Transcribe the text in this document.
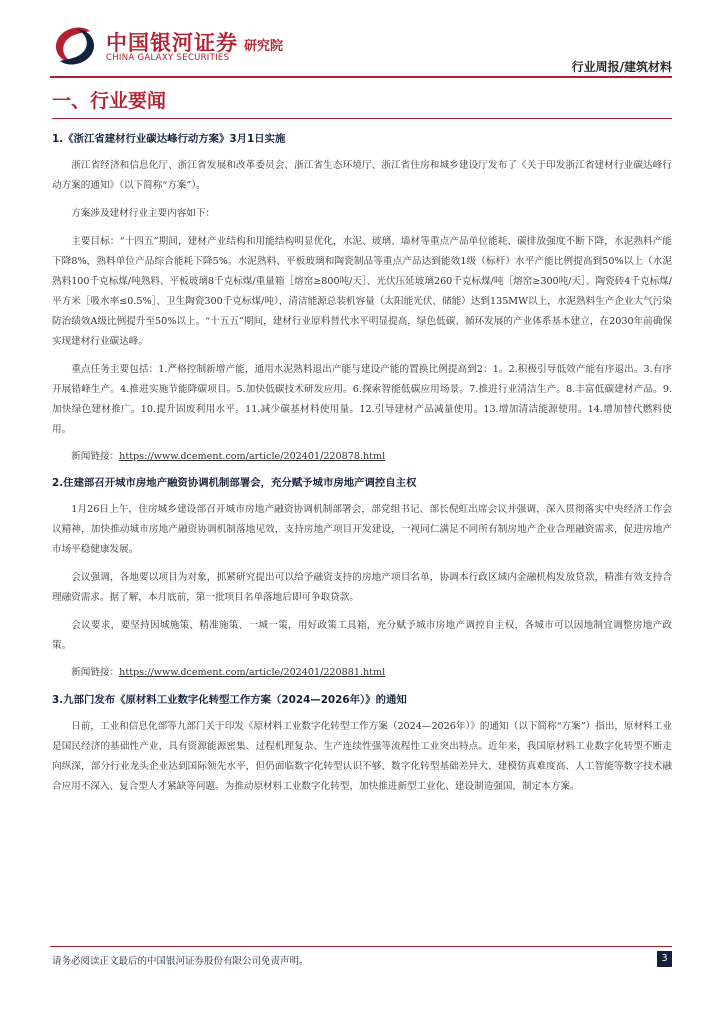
中国银河证券
CHINA GALAXY SECURITIES
研究院
行业周报/建筑材料
一、行业要闻
1.《浙江省建材行业碳达峰行动方案》3月1日实施

浙江省经济和信息化厅、浙江省发展和改革委员会、浙江省生态环境厅、浙江省住房和城乡建设厅发布了《关于印发浙江省建材行业碳达峰行动方案的通知》（以下简称“方案”）。

方案涉及建材行业主要内容如下：

主要目标：“十四五”期间，建材产业结构和用能结构明显优化，水泥、玻璃、墙材等重点产品单位能耗、碳排放强度不断下降，水泥熟料产能下降8%，熟料单位产品综合能耗下降5%。水泥熟料、平板玻璃和陶瓷制品等重点产品达到能效1级（标杆）水平产能比例提高到50%以上（水泥熟料100千克标煤/吨熟料、平板玻璃8千克标煤/重量箱［熔窑≥800吨/天］、光伏压延玻璃260千克标煤/吨［熔窑≥300吨/天］、陶瓷砖4千克标煤/平方米［吸水率≤0.5%］、卫生陶瓷300千克标煤/吨），清洁能源总装机容量（太阳能光伏、储能）达到135MW以上，水泥熟料生产企业大气污染防治绩效A级比例提升至50%以上。“十五五”期间，建材行业原料替代水平明显提高，绿色低碳、循环发展的产业体系基本建立，在2030年前确保实现建材行业碳达峰。

重点任务主要包括：1.严格控制新增产能，通用水泥熟料退出产能与建设产能的置换比例提高到2：1。2.积极引导低效产能有序退出。3.有序开展错峰生产。4.推进实施节能降碳项目。5.加快低碳技术研发应用。6.探索智能低碳应用场景。7.推进行业清洁生产。8.丰富低碳建材产品。9.加快绿色建材推广。10.提升固废利用水平。11.减少碳基材料使用量。12.引导建材产品减量使用。13.增加清洁能源使用。14.增加替代燃料使用。

新闻链接：https://www.dcement.com/article/202401/220878.html
2.住建部召开城市房地产融资协调机制部署会，充分赋予城市房地产调控自主权

1月26日上午，住房城乡建设部召开城市房地产融资协调机制部署会，部党组书记、部长倪虹出席会议并强调，深入贯彻落实中央经济工作会议精神，加快推动城市房地产融资协调机制落地见效，支持房地产项目开发建设，一视同仁满足不同所有制房地产企业合理融资需求，促进房地产市场平稳健康发展。

会议强调，各地要以项目为对象，抓紧研究提出可以给予融资支持的房地产项目名单，协调本行政区域内金融机构发放贷款，精准有效支持合理融资需求。据了解，本月底前，第一批项目名单落地后即可争取贷款。

会议要求，要坚持因城施策、精准施策、一城一策，用好政策工具箱，充分赋予城市房地产调控自主权，各城市可以因地制宜调整房地产政策。

新闻链接：https://www.dcement.com/article/202401/220881.html
3.九部门发布《原材料工业数字化转型工作方案（2024—2026年）》的通知

日前，工业和信息化部等九部门关于印发《原材料工业数字化转型工作方案（2024—2026年）》的通知（以下简称“方案”）指出，原材料工业是国民经济的基础性产业，具有资源能源密集、过程机理复杂、生产连续性强等流程性工业突出特点。近年来，我国原材料工业数字化转型不断走向纵深，部分行业龙头企业达到国际领先水平，但仍面临数字化转型认识不够、数字化转型基础差异大、建模仿真难度高、人工智能等数字技术融合应用不深入、复合型人才紧缺等问题。为推动原材料工业数字化转型，加快推进新型工业化、建设制造强国，制定本方案。

请务必阅读正文最后的中国银河证券股份有限公司免责声明。	3
